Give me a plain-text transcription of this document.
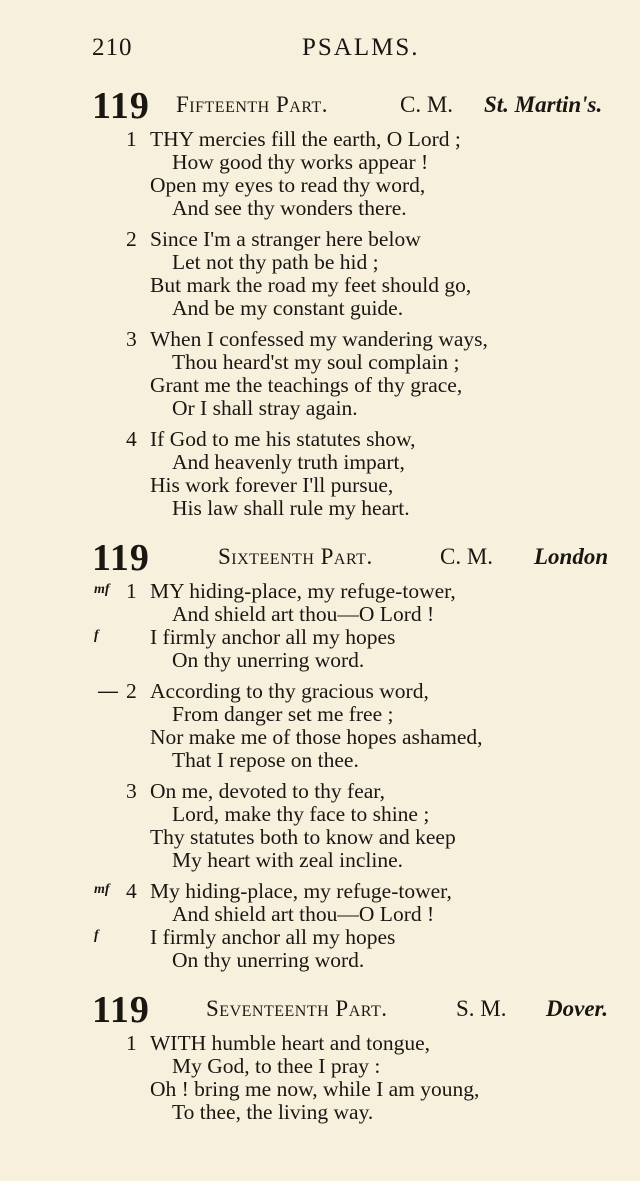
210	PSALMS.
119 Fifteenth Part.	C. M. St. Martin's.
1 THY mercies fill the earth, O Lord ;
How good thy works appear !
Open my eyes to read thy word,
And see thy wonders there.
2 Since I'm a stranger here below
Let not thy path be hid ;
But mark the road my feet should go,
And be my constant guide.
3 When I confessed my wandering ways,
Thou heard'st my soul complain ;
Grant me the teachings of thy grace,
Or I shall stray again.
4 If God to me his statutes show,
And heavenly truth impart,
His work forever I'll pursue,
His law shall rule my heart.
119	Sixteenth Part.	C. M. London
mf 1 MY hiding-place, my refuge-tower,
And shield art thou—O Lord !
f I firmly anchor all my hopes
On thy unerring word.
— 2 According to thy gracious word,
From danger set me free ;
Nor make me of those hopes ashamed,
That I repose on thee.
3 On me, devoted to thy fear,
Lord, make thy face to shine ;
Thy statutes both to know and keep
My heart with zeal incline.
mf 4 My hiding-place, my refuge-tower,
And shield art thou—O Lord !
f I firmly anchor all my hopes
On thy unerring word.
119 Seventeenth Part.	S. M. Dover.
1 WITH humble heart and tongue,
My God, to thee I pray :
Oh ! bring me now, while I am young,
To thee, the living way.
